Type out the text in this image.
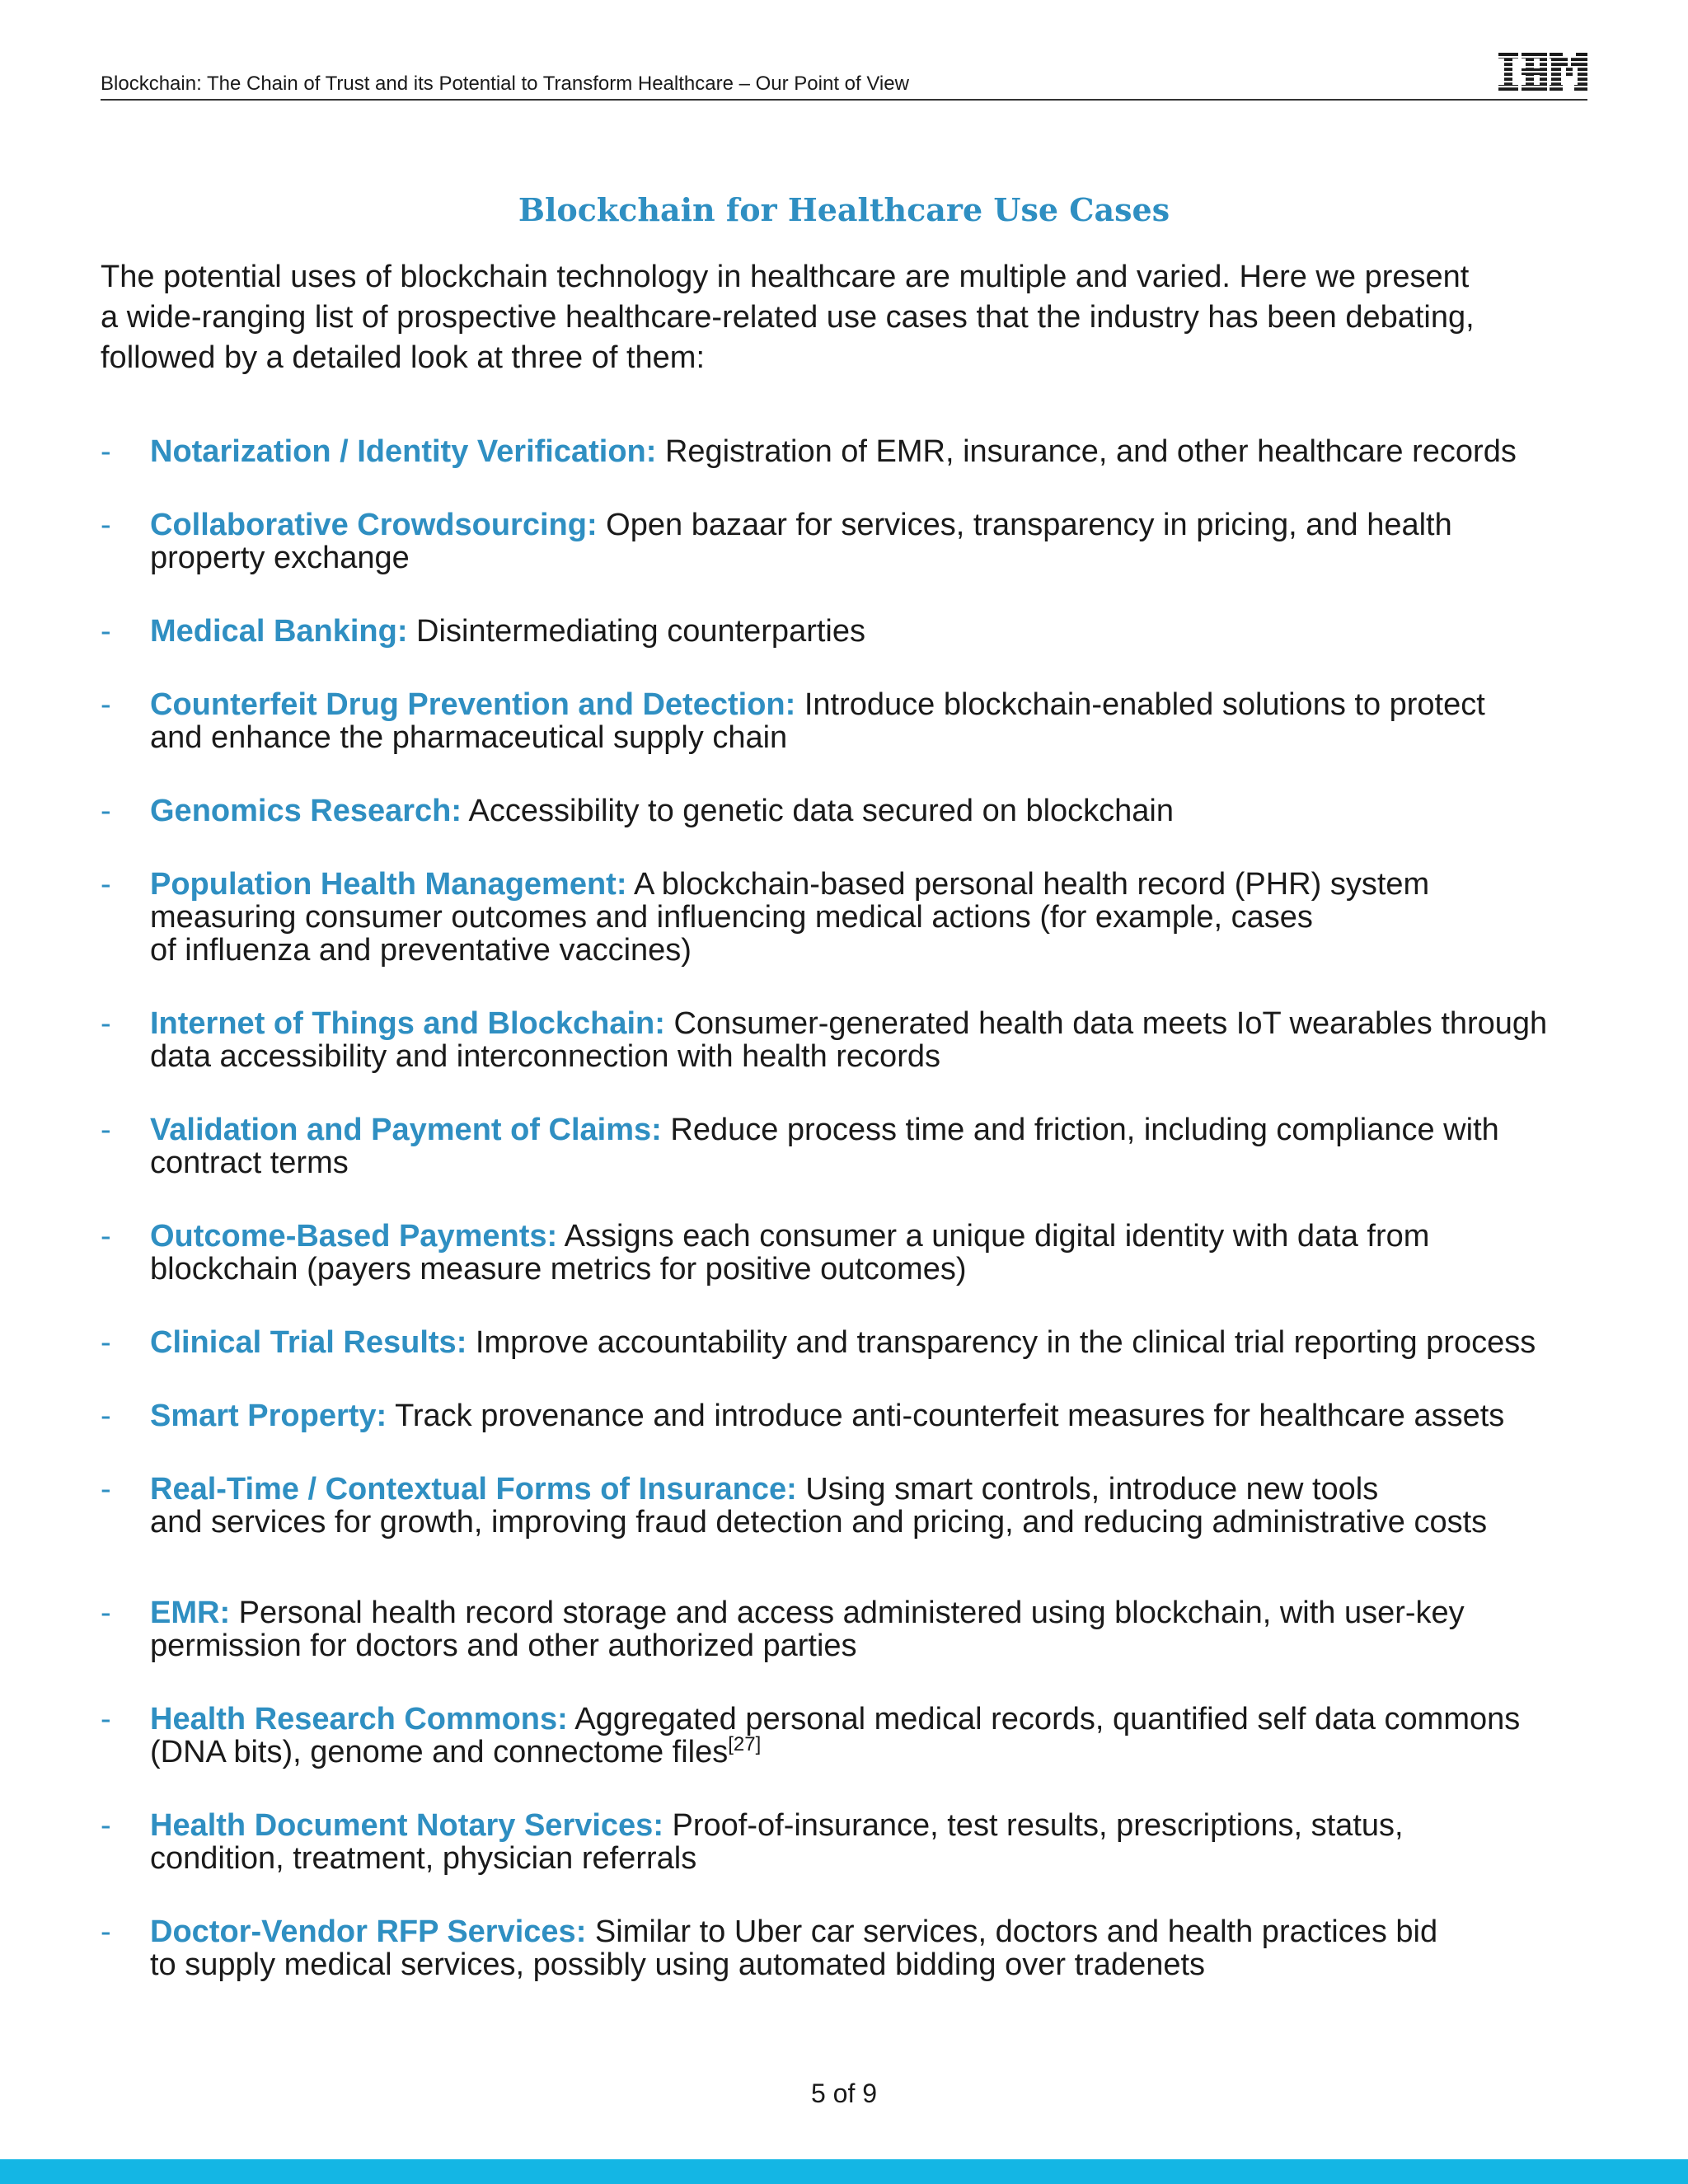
Blockchain: The Chain of Trust and its Potential to Transform Healthcare – Our Point of View
Blockchain for Healthcare Use Cases
The potential uses of blockchain technology in healthcare are multiple and varied. Here we present
a wide-ranging list of prospective healthcare-related use cases that the industry has been debating,
followed by a detailed look at three of them:
- Notarization / Identity Verification: Registration of EMR, insurance, and other healthcare records
- Collaborative Crowdsourcing: Open bazaar for services, transparency in pricing, and health
property exchange
- Medical Banking: Disintermediating counterparties
- Counterfeit Drug Prevention and Detection: Introduce blockchain-enabled solutions to protect
and enhance the pharmaceutical supply chain
- Genomics Research: Accessibility to genetic data secured on blockchain
- Population Health Management: A blockchain-based personal health record (PHR) system
measuring consumer outcomes and influencing medical actions (for example, cases
of influenza and preventative vaccines)
- Internet of Things and Blockchain: Consumer-generated health data meets IoT wearables through
data accessibility and interconnection with health records
- Validation and Payment of Claims: Reduce process time and friction, including compliance with
contract terms
- Outcome-Based Payments: Assigns each consumer a unique digital identity with data from
blockchain (payers measure metrics for positive outcomes)
- Clinical Trial Results: Improve accountability and transparency in the clinical trial reporting process
- Smart Property: Track provenance and introduce anti-counterfeit measures for healthcare assets
- Real-Time / Contextual Forms of Insurance: Using smart controls, introduce new tools
and services for growth, improving fraud detection and pricing, and reducing administrative costs
- EMR: Personal health record storage and access administered using blockchain, with user-key
permission for doctors and other authorized parties
- Health Research Commons: Aggregated personal medical records, quantified self data commons
(DNA bits), genome and connectome files[27]
- Health Document Notary Services: Proof-of-insurance, test results, prescriptions, status,
condition, treatment, physician referrals
- Doctor-Vendor RFP Services: Similar to Uber car services, doctors and health practices bid
to supply medical services, possibly using automated bidding over tradenets
5 of 9
